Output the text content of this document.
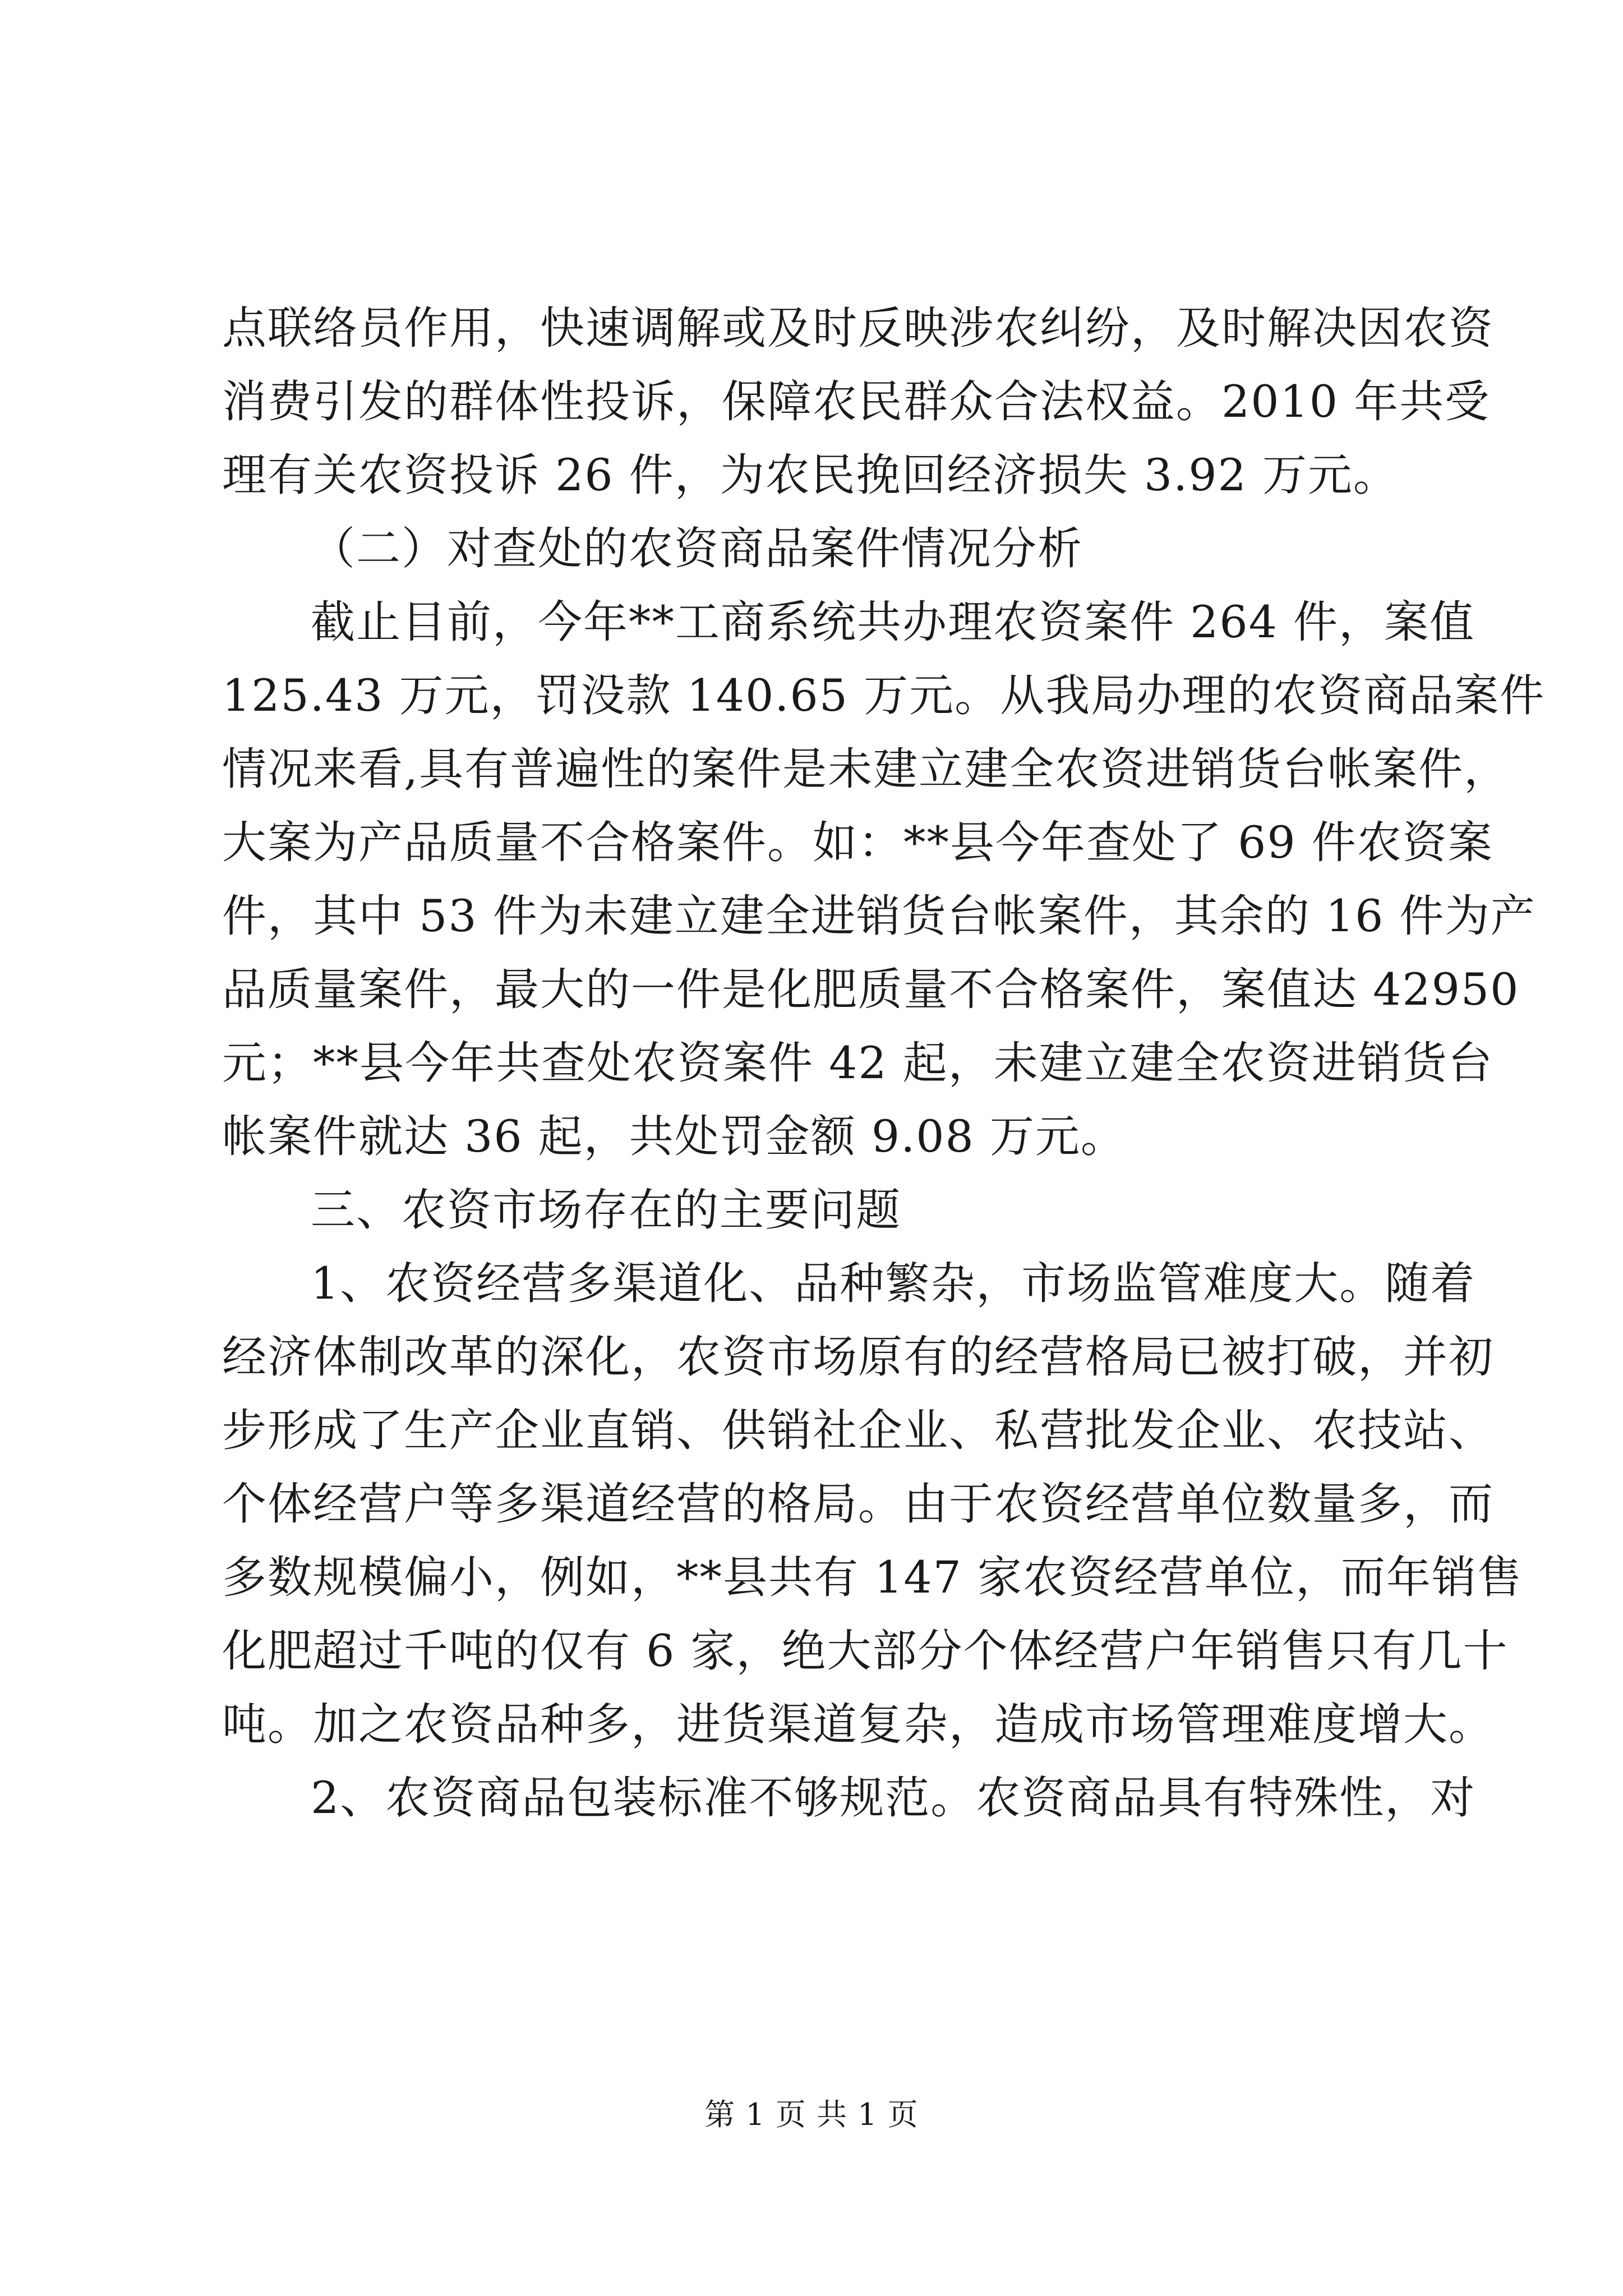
点联络员作用，快速调解或及时反映涉农纠纷，及时解决因农资
消费引发的群体性投诉，保障农民群众合法权益。2010 年共受
理有关农资投诉 26 件，为农民挽回经济损失 3.92 万元。
（二）对查处的农资商品案件情况分析
截止目前，今年**工商系统共办理农资案件 264 件，案值
125.43 万元，罚没款 140.65 万元。从我局办理的农资商品案件
情况来看,具有普遍性的案件是未建立建全农资进销货台帐案件，
大案为产品质量不合格案件。如：**县今年查处了 69 件农资案
件，其中 53 件为未建立建全进销货台帐案件，其余的 16 件为产
品质量案件，最大的一件是化肥质量不合格案件，案值达 42950
元；**县今年共查处农资案件 42 起，未建立建全农资进销货台
帐案件就达 36 起，共处罚金额 9.08 万元。
三、农资市场存在的主要问题
1、农资经营多渠道化、品种繁杂，市场监管难度大。随着
经济体制改革的深化，农资市场原有的经营格局已被打破，并初
步形成了生产企业直销、供销社企业、私营批发企业、农技站、
个体经营户等多渠道经营的格局。由于农资经营单位数量多，而
多数规模偏小，例如，**县共有 147 家农资经营单位，而年销售
化肥超过千吨的仅有 6 家，绝大部分个体经营户年销售只有几十
吨。加之农资品种多，进货渠道复杂，造成市场管理难度增大。
2、农资商品包装标准不够规范。农资商品具有特殊性，对
第 1 页 共 1 页
